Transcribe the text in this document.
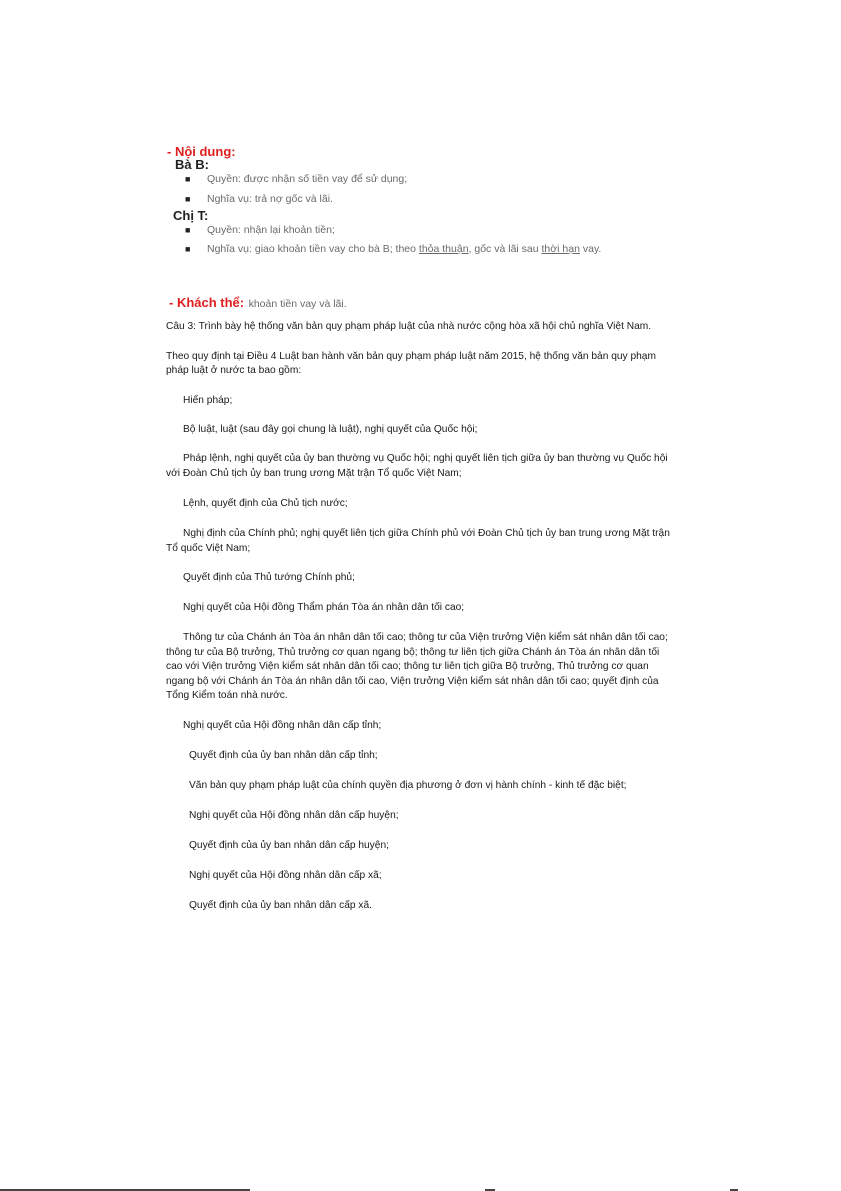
- Nội dung:
Bà B:
■ Quyền: được nhận số tiền vay để sử dụng;
■ Nghĩa vụ: trả nợ gốc và lãi.
Chị T:
■ Quyền: nhận lại khoản tiền;
■ Nghĩa vụ: giao khoản tiền vay cho bà B; theo thỏa thuận, gốc và lãi sau thời hạn vay.
- Khách thể: khoản tiền vay và lãi.
Câu 3: Trình bày hệ thống văn bản quy phạm pháp luật của nhà nước cộng hòa xã hội chủ nghĩa Việt Nam.
Theo quy định tại Điều 4 Luật ban hành văn bản quy phạm pháp luật năm 2015, hệ thống văn bản quy phạm pháp luật ở nước ta bao gồm:
Hiến pháp;
Bộ luật, luật (sau đây gọi chung là luật), nghị quyết của Quốc hội;
Pháp lệnh, nghị quyết của ủy ban thường vụ Quốc hội; nghị quyết liên tịch giữa ủy ban thường vụ Quốc hội với Đoàn Chủ tịch ủy ban trung ương Mặt trận Tổ quốc Việt Nam;
Lệnh, quyết định của Chủ tịch nước;
Nghị định của Chính phủ; nghị quyết liên tịch giữa Chính phủ với Đoàn Chủ tịch ủy ban trung ương Mặt trận Tổ quốc Việt Nam;
Quyết định của Thủ tướng Chính phủ;
Nghị quyết của Hội đồng Thẩm phán Tòa án nhân dân tối cao;
Thông tư của Chánh án Tòa án nhân dân tối cao; thông tư của Viện trưởng Viện kiểm sát nhân dân tối cao; thông tư của Bộ trưởng, Thủ trưởng cơ quan ngang bộ; thông tư liên tịch giữa Chánh án Tòa án nhân dân tối cao với Viện trưởng Viện kiểm sát nhân dân tối cao; thông tư liên tịch giữa Bộ trưởng, Thủ trưởng cơ quan ngang bộ với Chánh án Tòa án nhân dân tối cao, Viện trưởng Viện kiểm sát nhân dân tối cao; quyết định của Tổng Kiểm toán nhà nước.
Nghị quyết của Hội đồng nhân dân cấp tỉnh;
Quyết định của ủy ban nhân dân cấp tỉnh;
Văn bản quy phạm pháp luật của chính quyền địa phương ở đơn vị hành chính - kinh tế đặc biệt;
Nghị quyết của Hội đồng nhân dân cấp huyện;
Quyết định của ủy ban nhân dân cấp huyện;
Nghị quyết của Hội đồng nhân dân cấp xã;
Quyết định của ủy ban nhân dân cấp xã.
